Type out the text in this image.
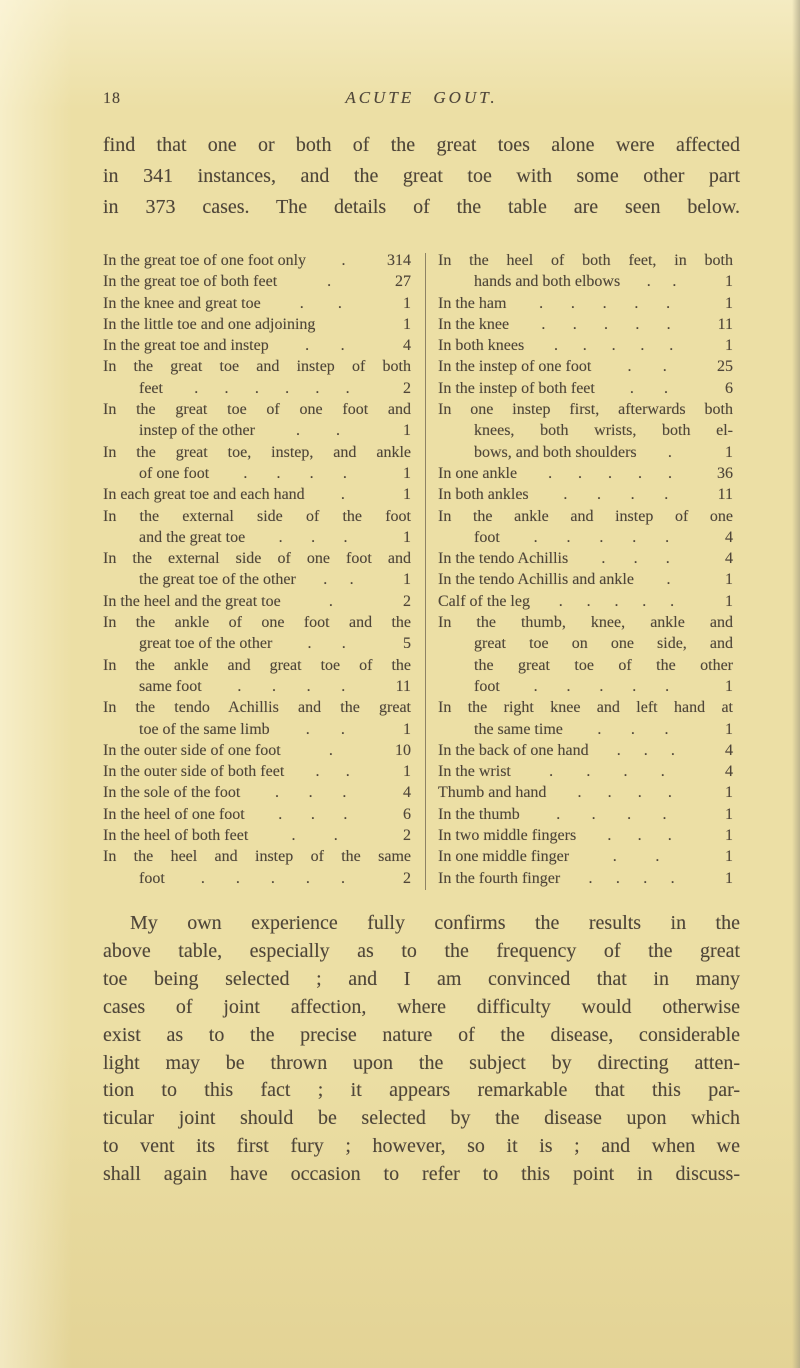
18	ACUTE GOUT.
find that one or both of the great toes alone were affected
in 341 instances, and the great toe with some other part
in 373 cases. The details of the table are seen below.
In the great toe of one foot only .	314
In the great toe of both feet	.	27
In the knee and great toe . .	1
In the little toe and one adjoining	1
In the great toe and instep . .	4
In the great toe and instep of both
feet . . . . . .	2
In the great toe of one foot and
instep of the other	. .	1
In the great toe, instep, and ankle
of one foot . . . .	1
In each great toe and each hand .	1
In the external side of the foot
and the great toe . . .	1
In the external side of one foot and
the great toe of the other . .	1
In the heel and the great toe	.	2
In the ankle of one foot and the
great toe of the other . .	5
In the ankle and great toe of the
same foot . . . .	11
In the tendo Achillis and the great
toe of the same limb . .	1
In the outer side of one foot	.	10
In the outer side of both feet . .	1
In the sole of the foot . . .	4
In the heel of one foot . . .	6
In the heel of both feet	. .	2
In the heel and instep of the same
foot . . . . .	2
In the heel of both feet, in both
hands and both elbows . .	1
In the ham . . . . .	1
In the knee . . . . .	11
In both knees . . . . .	1
In the instep of one foot . .	25
In the instep of both feet . .	6
In one instep first, afterwards both
knees, both wrists, both el-
bows, and both shoulders .	1
In one ankle . . . . .	36
In both ankles . . . .	11
In the ankle and instep of one
foot . . . . .	4
In the tendo Achillis . . .	4
In the tendo Achillis and ankle .	1
Calf of the leg . . . . .	1
In the thumb, knee, ankle and
great toe on one side, and
the great toe of the other
foot . . . . .	1
In the right knee and left hand at
the same time . . .	1
In the back of one hand . . .	4
In the wrist . . . .	4
Thumb and hand . . . .	1
In the thumb . . . .	1
In two middle fingers . . .	1
In one middle finger	. .	1
In the fourth finger . . . .	1
My own experience fully confirms the results in the
above table, especially as to the frequency of the great
toe being selected ; and I am convinced that in many
cases of joint affection, where difficulty would otherwise
exist as to the precise nature of the disease, considerable
light may be thrown upon the subject by directing atten-
tion to this fact ; it appears remarkable that this par-
ticular joint should be selected by the disease upon which
to vent its first fury ; however, so it is ; and when we
shall again have occasion to refer to this point in discuss-
